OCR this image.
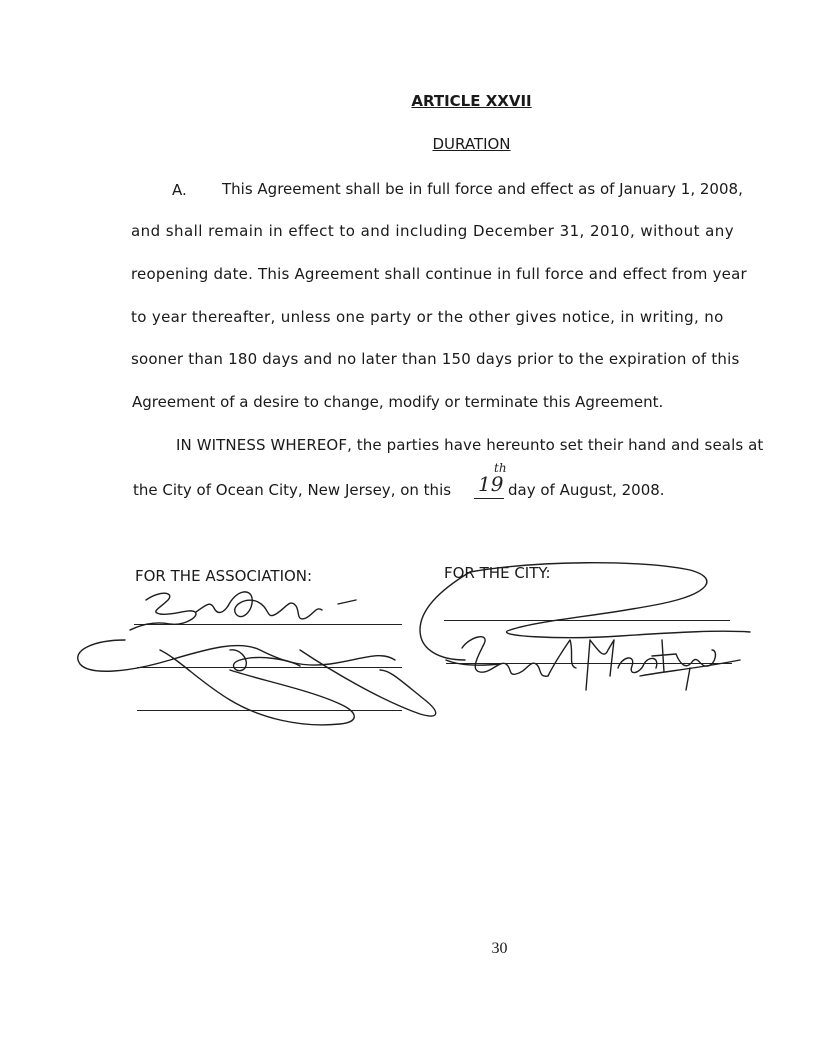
ARTICLE XXVII
DURATION
A. This Agreement shall be in full force and effect as of January 1, 2008,
and shall remain in effect to and including December 31, 2010, without any
reopening date. This Agreement shall continue in full force and effect from year
to year thereafter, unless one party or the other gives notice, in writing, no
sooner than 180 days and no later than 150 days prior to the expiration of this
Agreement of a desire to change, modify or terminate this Agreement.
IN WITNESS WHEREOF, the parties have hereunto set their hand and seals at
the City of Ocean City, New Jersey, on this 19
th
day of August, 2008.
FOR THE ASSOCIATION:	FOR THE CITY:
30
